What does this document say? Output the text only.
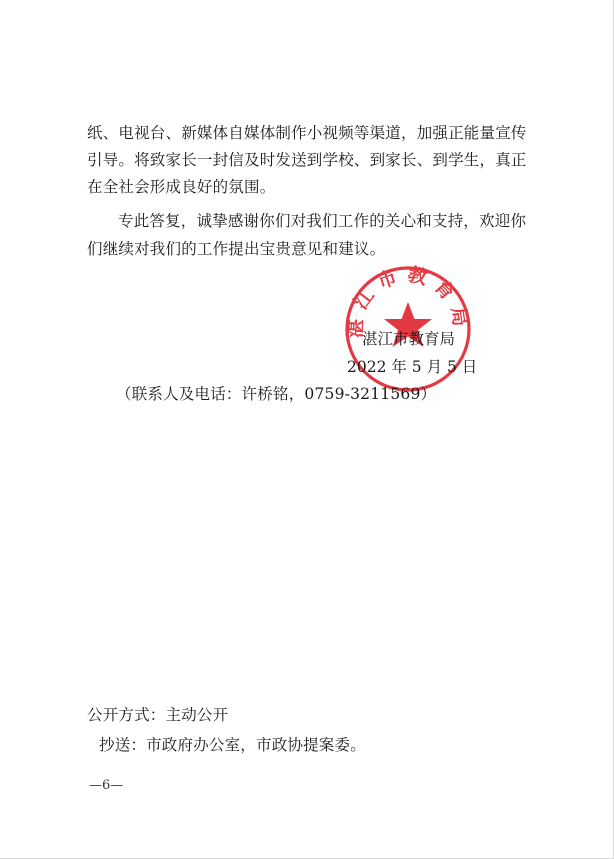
纸、电视台、新媒体自媒体制作小视频等渠道，加强正能量宣传
引导。将致家长一封信及时发送到学校、到家长、到学生，真正
在全社会形成良好的氛围。
专此答复，诚挚感谢你们对我们工作的关心和支持，欢迎你
们继续对我们的工作提出宝贵意见和建议。
湛江市教育局
湛江市教育局
2022 年 5 月 5 日
（联系人及电话：许桥铭，0759-3211569）
公开方式：主动公开
抄送：市政府办公室，市政协提案委。
—6—
